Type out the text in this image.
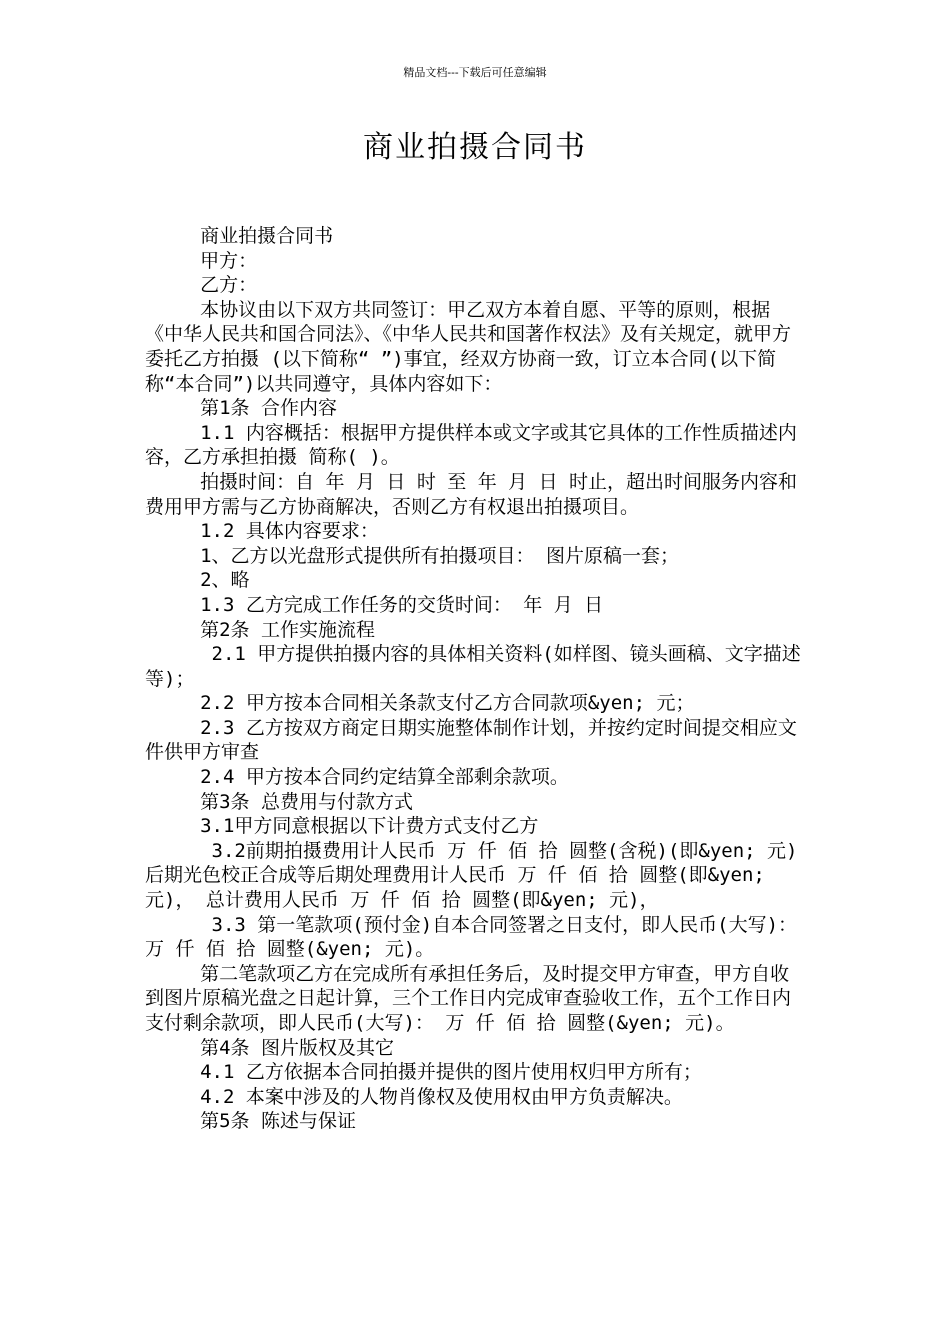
精品文档---下载后可任意编辑
商业拍摄合同书

商业拍摄合同书

甲方：

乙方：

本协议由以下双方共同签订：甲乙双方本着自愿、平等的原则，根据《中华人民共和国合同法》、《中华人民共和国著作权法》及有关规定，就甲方委托乙方拍摄 (以下简称“ ”)事宜，经双方协商一致，订立本合同(以下简称“本合同”)以共同遵守，具体内容如下：

第1条 合作内容

1.1 内容概括：根据甲方提供样本或文字或其它具体的工作性质描述内容，乙方承担拍摄 简称( )。

拍摄时间：自 年 月 日 时 至 年 月 日 时止，超出时间服务内容和费用甲方需与乙方协商解决，否则乙方有权退出拍摄项目。

1.2 具体内容要求：

1、乙方以光盘形式提供所有拍摄项目： 图片原稿一套；

2、略

1.3 乙方完成工作任务的交货时间： 年 月 日

第2条 工作实施流程

2.1 甲方提供拍摄内容的具体相关资料(如样图、镜头画稿、文字描述等)；

2.2 甲方按本合同相关条款支付乙方合同款项&yen; 元；

2.3 乙方按双方商定日期实施整体制作计划，并按约定时间提交相应文件供甲方审查

2.4 甲方按本合同约定结算全部剩余款项。

第3条 总费用与付款方式

3.1甲方同意根据以下计费方式支付乙方

3.2前期拍摄费用计人民币 万 仟 佰 拾 圆整(含税)(即&yen; 元)后期光色校正合成等后期处理费用计人民币 万 仟 佰 拾 圆整(即&yen; 元)， 总计费用人民币 万 仟 佰 拾 圆整(即&yen; 元)，

3.3 第一笔款项(预付金)自本合同签署之日支付，即人民币(大写)： 万 仟 佰 拾 圆整(&yen; 元)。

第二笔款项乙方在完成所有承担任务后，及时提交甲方审查，甲方自收到图片原稿光盘之日起计算，三个工作日内完成审查验收工作，五个工作日内支付剩余款项，即人民币(大写)： 万 仟 佰 拾 圆整(&yen; 元)。

第4条 图片版权及其它

4.1 乙方依据本合同拍摄并提供的图片使用权归甲方所有；

4.2 本案中涉及的人物肖像权及使用权由甲方负责解决。

第5条 陈述与保证
